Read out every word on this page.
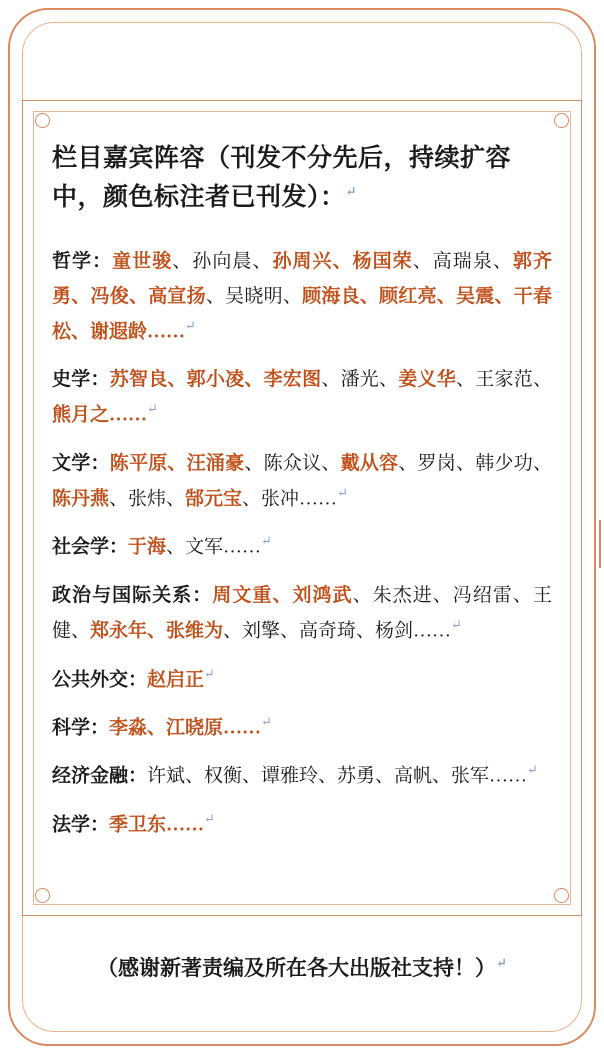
栏目嘉宾阵容（刊发不分先后，持续扩容中，颜色标注者已刊发）：↵
哲学：童世骏、孙向晨、孙周兴、杨国荣、高瑞泉、郭齐勇、冯俊、高宣扬、吴晓明、顾海良、顾红亮、吴震、干春松、谢遐龄……↵
史学：苏智良、郭小凌、李宏图、潘光、姜义华、王家范、熊月之……↵
文学：陈平原、汪涌豪、陈众议、戴从容、罗岗、韩少功、陈丹燕、张炜、郜元宝、张冲……↵
社会学：于海、文军……↵
政治与国际关系：周文重、刘鸿武、朱杰进、冯绍雷、王健、郑永年、张维为、刘擎、高奇琦、杨剑……↵
公共外交：赵启正↵
科学：李淼、江晓原……↵
经济金融：许斌、权衡、谭雅玲、苏勇、高帆、张军……↵
法学：季卫东……↵
（感谢新著责编及所在各大出版社支持！）↵
